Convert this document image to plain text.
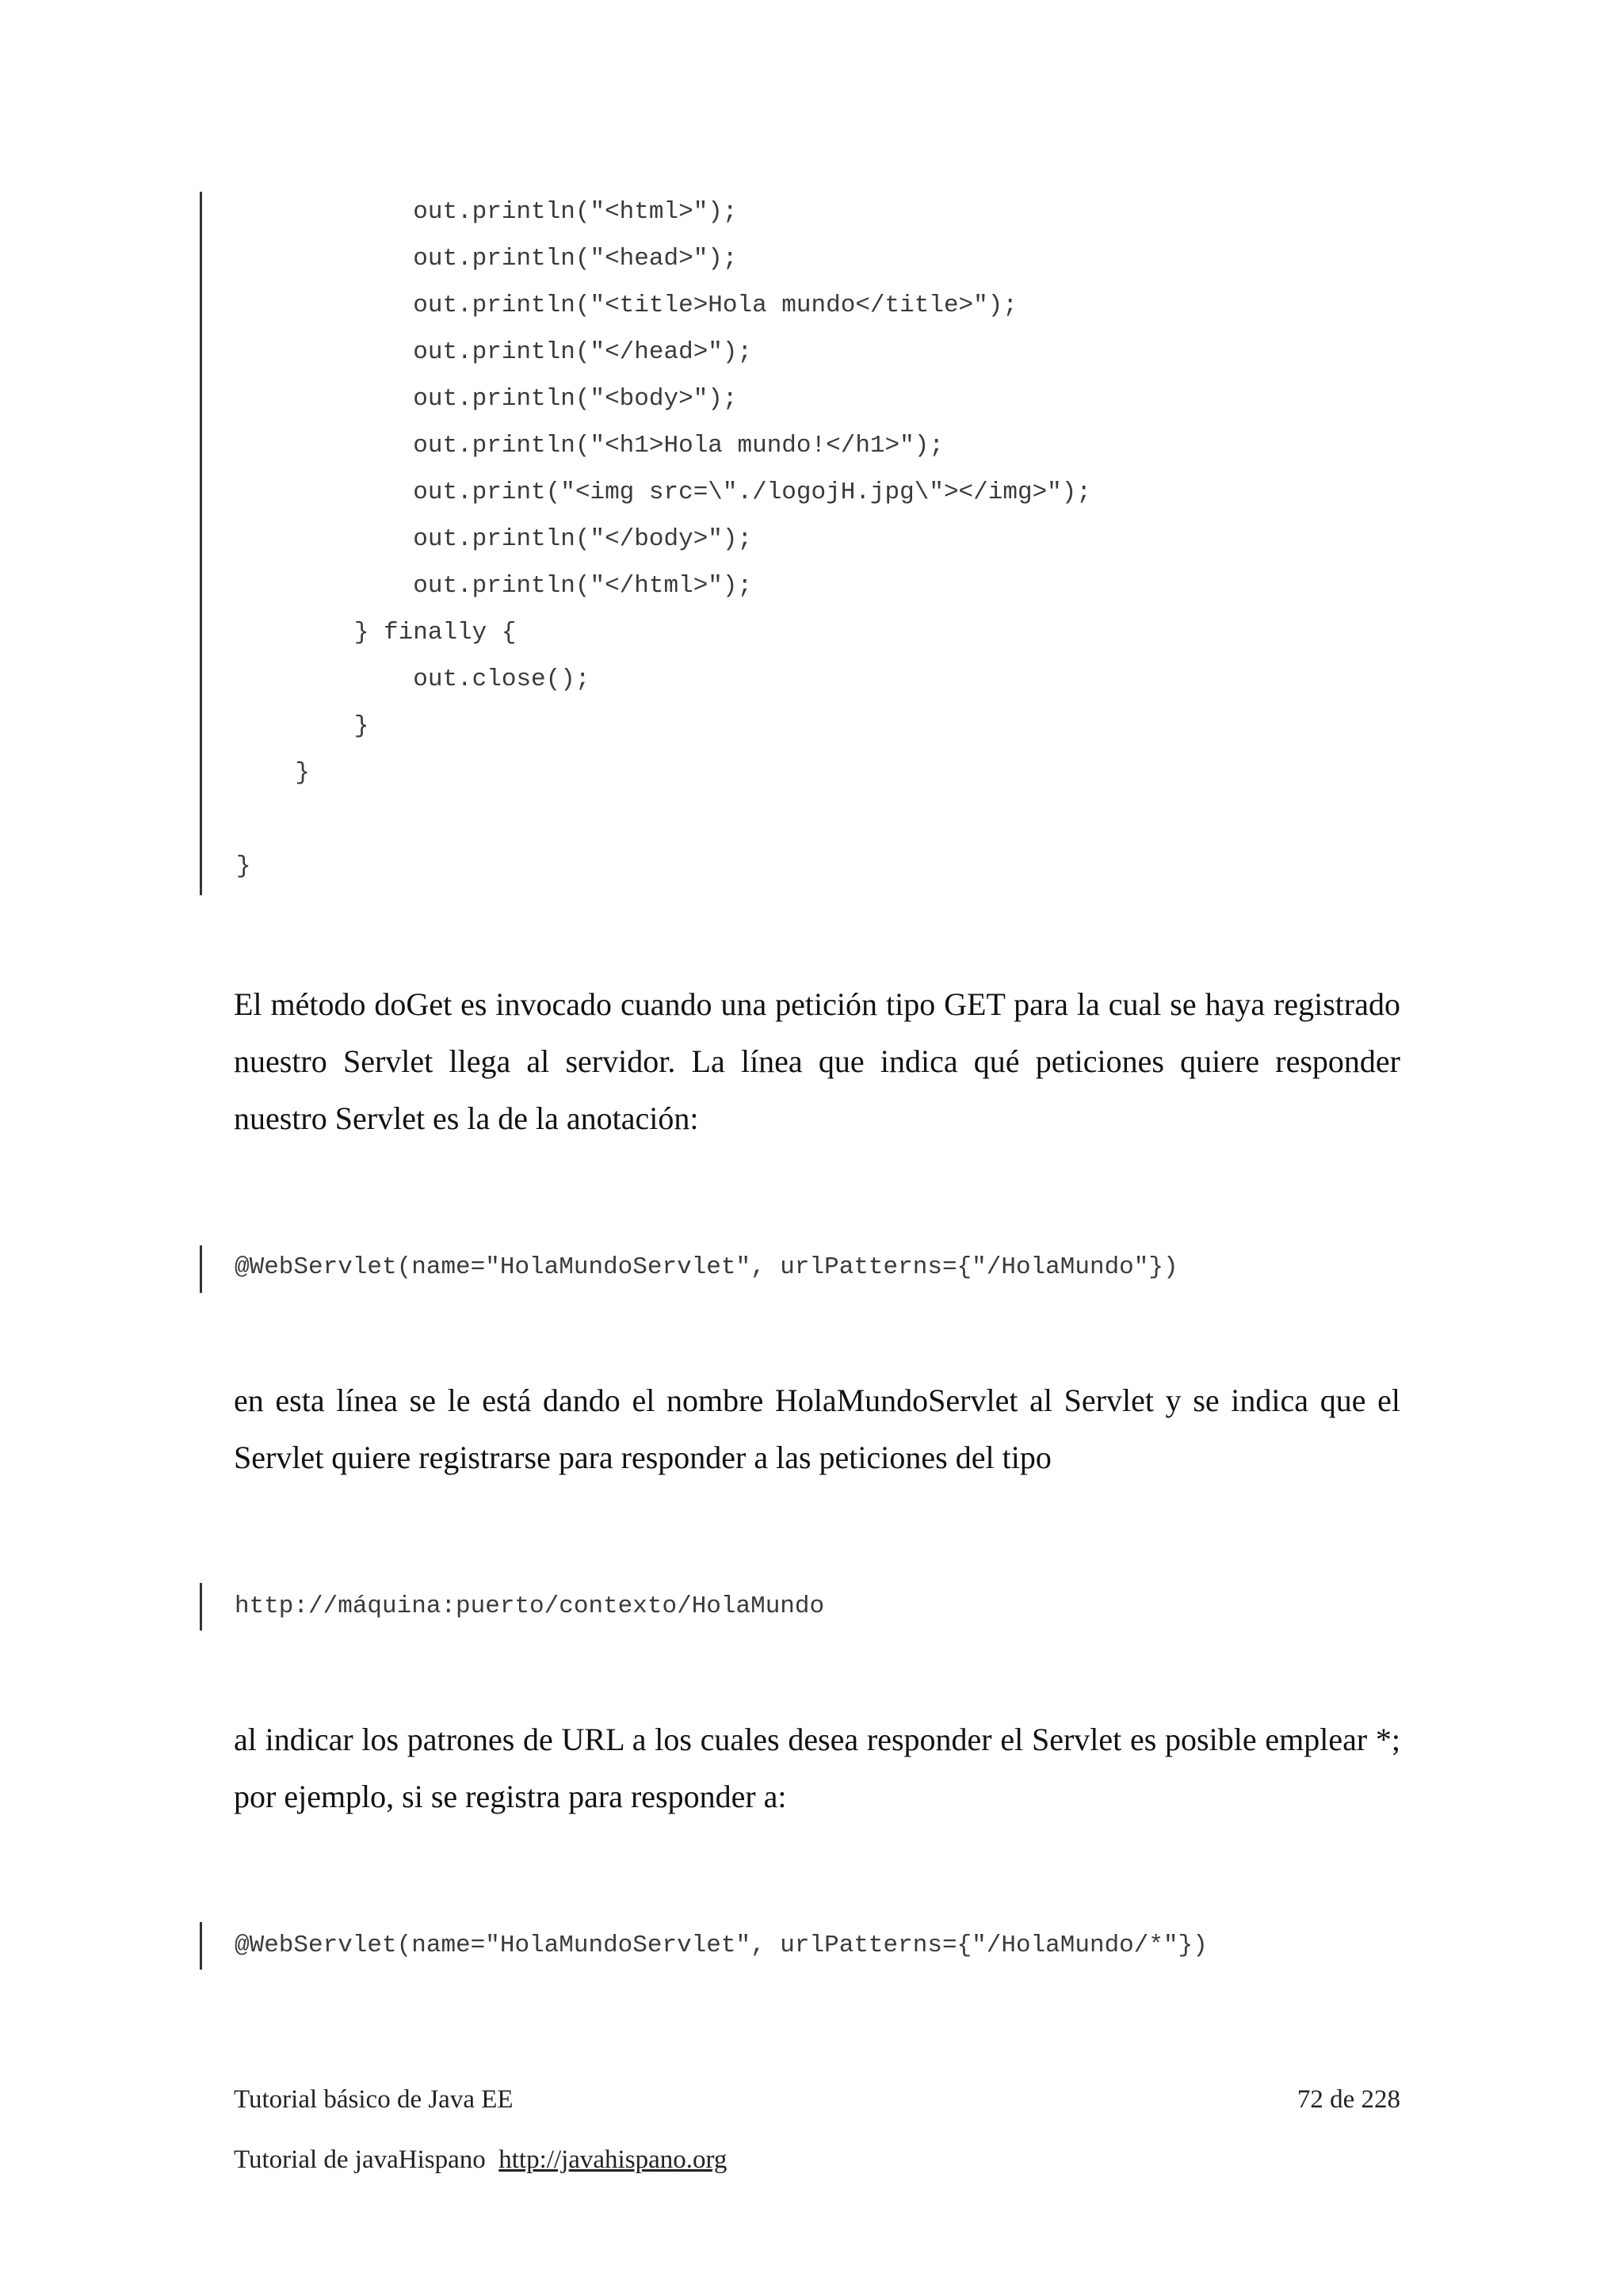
out.println("<html>");
out.println("<head>");
out.println("<title>Hola mundo</title>");
out.println("</head>");
out.println("<body>");
out.println("<h1>Hola mundo!</h1>");
out.print("<img src=\"./logojH.jpg\"></img>");
out.println("</body>");
out.println("</html>");
} finally {
out.close();
}
}
}
El método doGet es invocado cuando una petición tipo GET para la cual se haya registrado nuestro Servlet llega al servidor. La línea que indica qué peticiones quiere responder nuestro Servlet es la de la anotación:
@WebServlet(name="HolaMundoServlet", urlPatterns={"/HolaMundo"})
en esta línea se le está dando el nombre HolaMundoServlet al Servlet y se indica que el Servlet quiere registrarse para responder a las peticiones del tipo
http://máquina:puerto/contexto/HolaMundo
al indicar los patrones de URL a los cuales desea responder el Servlet es posible emplear *; por ejemplo, si se registra para responder a:
@WebServlet(name="HolaMundoServlet", urlPatterns={"/HolaMundo/*"})
Tutorial básico de Java EE	72 de 228
Tutorial de javaHispano http://javahispano.org
